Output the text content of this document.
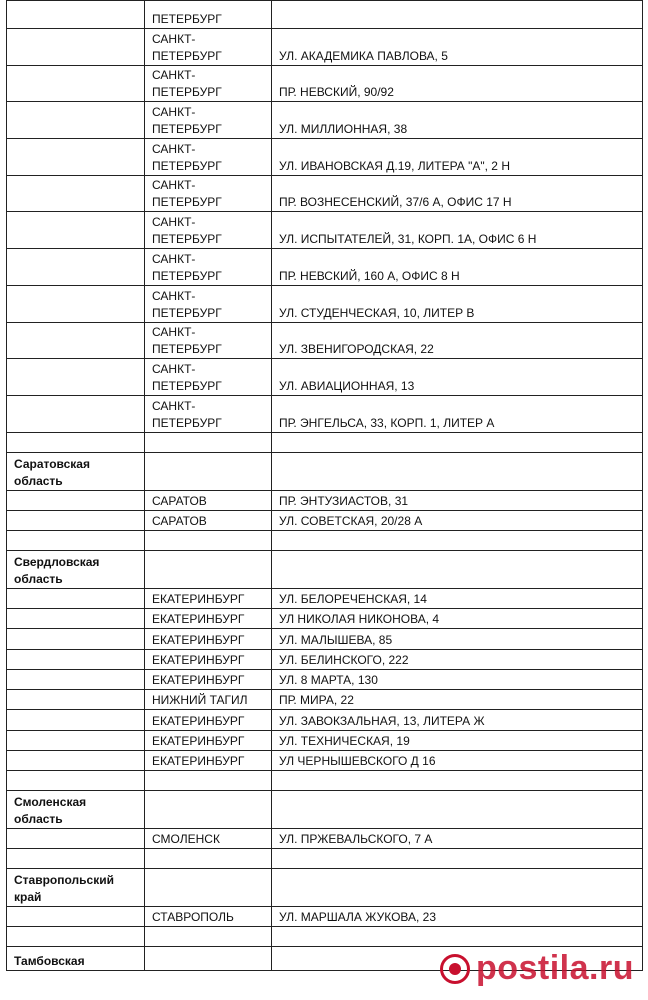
	ПЕТЕРБУРГ	
	САНКТ-
ПЕТЕРБУРГ	УЛ. АКАДЕМИКА ПАВЛОВА, 5
	САНКТ-
ПЕТЕРБУРГ	ПР. НЕВСКИЙ, 90/92
	САНКТ-
ПЕТЕРБУРГ	УЛ. МИЛЛИОННАЯ, 38
	САНКТ-
ПЕТЕРБУРГ	УЛ. ИВАНОВСКАЯ Д.19, ЛИТЕРА "А", 2 Н
	САНКТ-
ПЕТЕРБУРГ	ПР. ВОЗНЕСЕНСКИЙ, 37/6 А, ОФИС 17 Н
	САНКТ-
ПЕТЕРБУРГ	УЛ. ИСПЫТАТЕЛЕЙ, 31, КОРП. 1А, ОФИС 6 Н
	САНКТ-
ПЕТЕРБУРГ	ПР. НЕВСКИЙ, 160 А, ОФИС 8 Н
	САНКТ-
ПЕТЕРБУРГ	УЛ. СТУДЕНЧЕСКАЯ, 10, ЛИТЕР В
	САНКТ-
ПЕТЕРБУРГ	УЛ. ЗВЕНИГОРОДСКАЯ, 22
	САНКТ-
ПЕТЕРБУРГ	УЛ. АВИАЦИОННАЯ, 13
	САНКТ-
ПЕТЕРБУРГ	ПР. ЭНГЕЛЬСА, 33, КОРП. 1, ЛИТЕР А

Саратовская
область		
	САРАТОВ	ПР. ЭНТУЗИАСТОВ, 31
	САРАТОВ	УЛ. СОВЕТСКАЯ, 20/28 А

Свердловская
область		
	ЕКАТЕРИНБУРГ	УЛ. БЕЛОРЕЧЕНСКАЯ, 14
	ЕКАТЕРИНБУРГ	УЛ НИКОЛАЯ НИКОНОВА, 4
	ЕКАТЕРИНБУРГ	УЛ. МАЛЫШЕВА, 85
	ЕКАТЕРИНБУРГ	УЛ. БЕЛИНСКОГО, 222
	ЕКАТЕРИНБУРГ	УЛ. 8 МАРТА, 130
	НИЖНИЙ ТАГИЛ	ПР. МИРА, 22
	ЕКАТЕРИНБУРГ	УЛ. ЗАВОКЗАЛЬНАЯ, 13, ЛИТЕРА Ж
	ЕКАТЕРИНБУРГ	УЛ. ТЕХНИЧЕСКАЯ, 19
	ЕКАТЕРИНБУРГ	УЛ ЧЕРНЫШЕВСКОГО Д 16

Смоленская
область		
	СМОЛЕНСК	УЛ. ПРЖЕВАЛЬСКОГО, 7 А

Ставропольский
край		
	СТАВРОПОЛЬ	УЛ. МАРШАЛА ЖУКОВА, 23

Тамбовская			postila.ru
